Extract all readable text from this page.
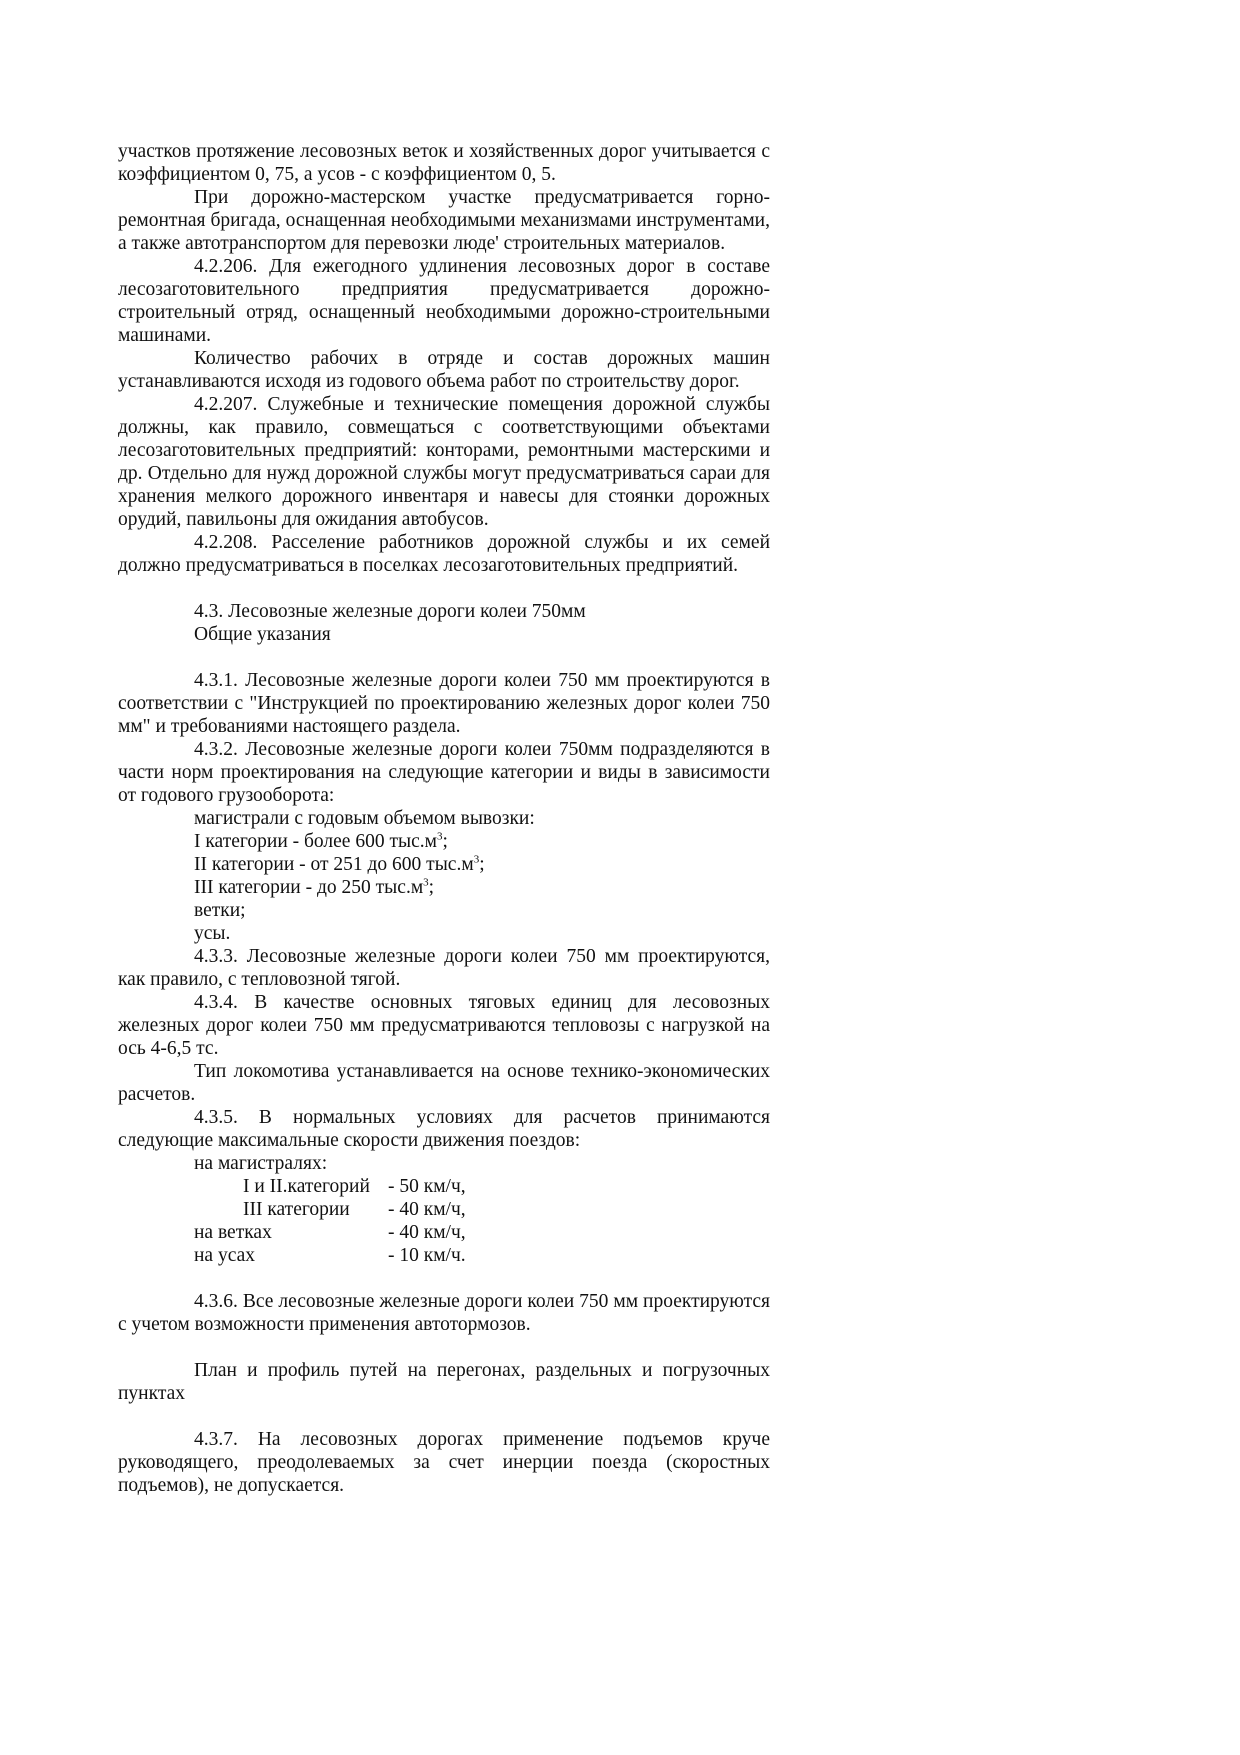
участков протяжение лесовозных веток и хозяйственных дорог учитывается с коэффициентом 0, 75, а усов - с коэффициентом 0, 5.

При дорожно-мастерском участке предусматривается горно-ремонтная бригада, оснащенная необходимыми механизмами инструментами, а также автотранспортом для перевозки люде' строительных материалов.

4.2.206. Для ежегодного удлинения лесовозных дорог в составе лесозаготовительного предприятия предусматривается дорожно-строительный отряд, оснащенный необходимыми дорожно-строительными машинами.

Количество рабочих в отряде и состав дорожных машин устанавливаются исходя из годового объема работ по строительству дорог.

4.2.207. Служебные и технические помещения дорожной службы должны, как правило, совмещаться с соответствующими объектами лесозаготовительных предприятий: конторами, ремонтными мастерскими и др. Отдельно для нужд дорожной службы могут предусматриваться сараи для хранения мелкого дорожного инвентаря и навесы для стоянки дорожных орудий, павильоны для ожидания автобусов.

4.2.208. Расселение работников дорожной службы и их семей должно предусматриваться в поселках лесозаготовительных предприятий.

4.3. Лесовозные железные дороги колеи 750мм

Общие указания

4.3.1. Лесовозные железные дороги колеи 750 мм проектируются в соответствии с "Инструкцией по проектированию железных дорог колеи 750 мм" и требованиями настоящего раздела.

4.3.2. Лесовозные железные дороги колеи 750мм подразделяются в части норм проектирования на следующие категории и виды в зависимости от годового грузооборота:

магистрали с годовым объемом вывозки:

I категории - более 600 $тыс.м^3$;

II категории - от 251 до 600 $тыс.м^3$;

III категории - до 250 $тыс.м^3$;

ветки;

усы.

4.3.3. Лесовозные железные дороги колеи 750 мм проектируются, как правило, с тепловозной тягой.

4.3.4. В качестве основных тяговых единиц для лесовозных железных дорог колеи 750 мм предусматриваются тепловозы с нагрузкой на ось 4-6,5 тс.

Тип локомотива устанавливается на основе технико-экономических расчетов.

4.3.5. В нормальных условиях для расчетов принимаются следующие максимальные скорости движения поездов:

на магистралях:

I и II.категорий - 50 км/ч,
III категории	- 40 км/ч,
на ветках	- 40 км/ч,
на усах	- 10 км/ч.

4.3.6. Все лесовозные железные дороги колеи 750 мм проектируются с учетом возможности применения автотормозов.

План и профиль путей на перегонах, раздельных и погрузочных пунктах

4.3.7. На лесовозных дорогах применение подъемов круче руководящего, преодолеваемых за счет инерции поезда (скоростных подъемов), не допускается.
